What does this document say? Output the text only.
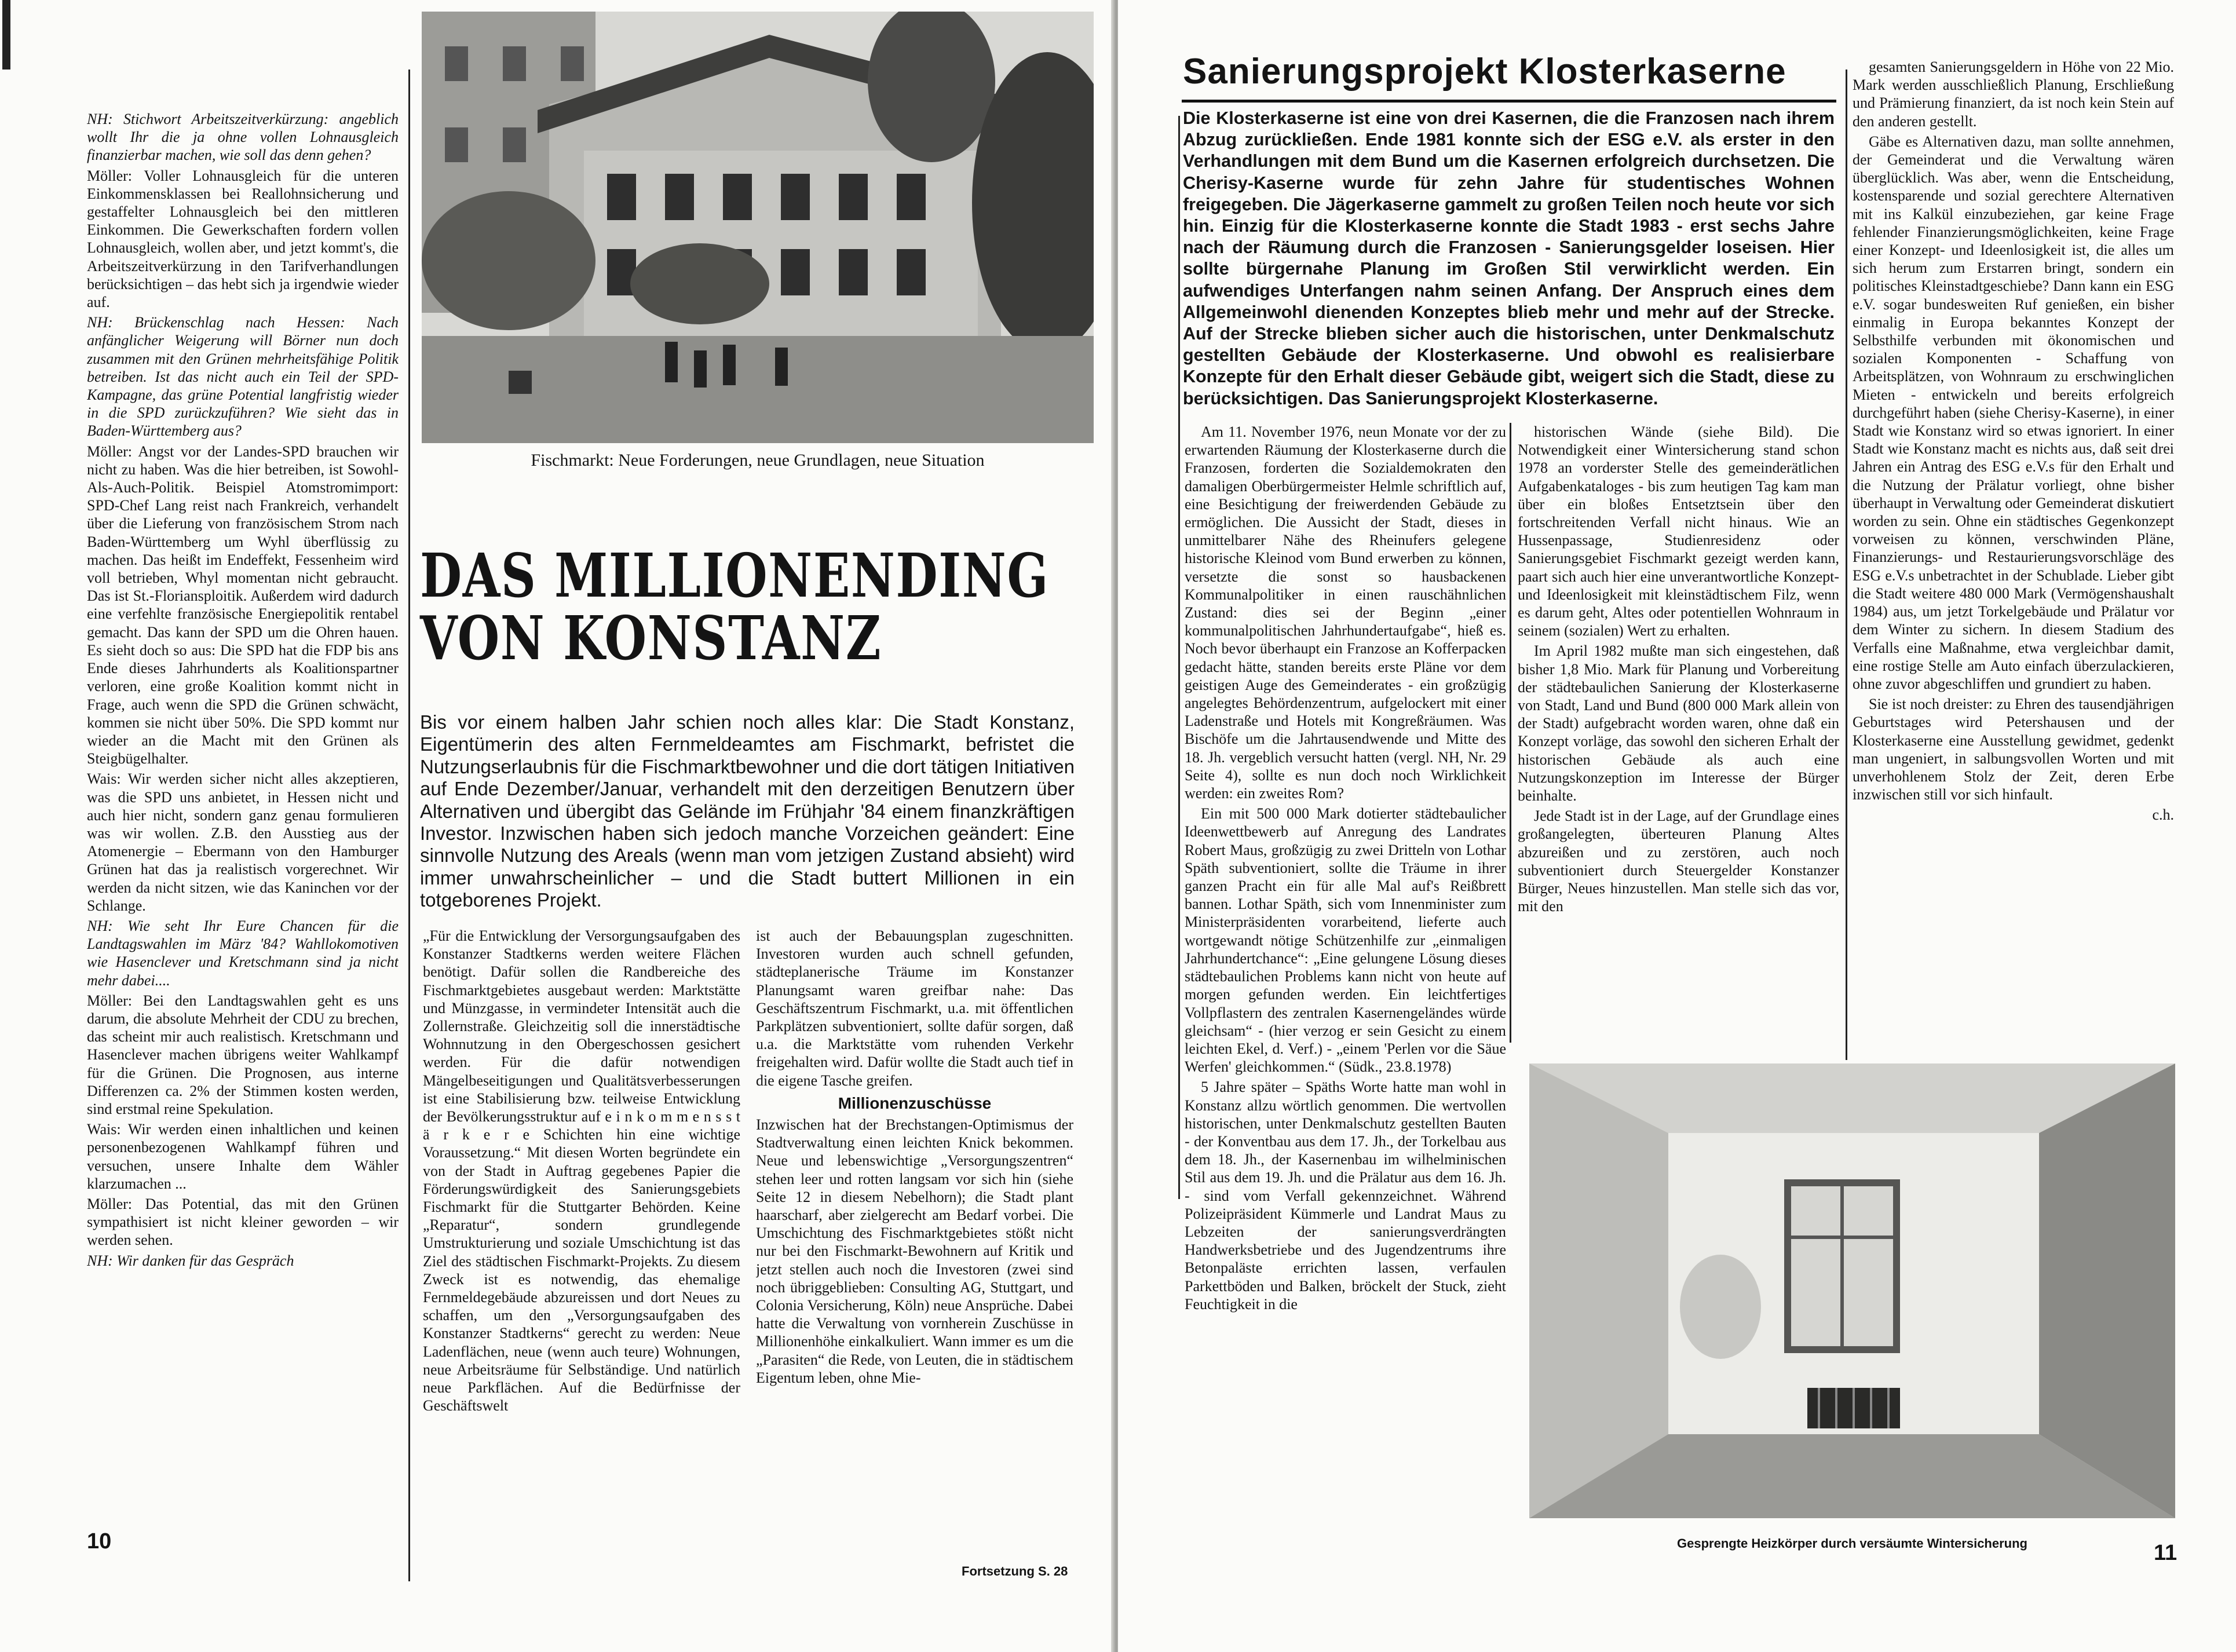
NH: Stichwort Arbeitszeitverkürzung: angeblich wollt Ihr die ja ohne vollen Lohnausgleich finanzierbar machen, wie soll das denn gehen?

Möller: Voller Lohnausgleich für die unteren Einkommensklassen bei Reallohnsicherung und gestaffelter Lohnausgleich bei den mittleren Einkommen. Die Gewerkschaften fordern vollen Lohnausgleich, wollen aber, und jetzt kommt's, die Arbeitszeitverkürzung in den Tarifverhandlungen berücksichtigen – das hebt sich ja irgendwie wieder auf.

NH: Brückenschlag nach Hessen: Nach anfänglicher Weigerung will Börner nun doch zusammen mit den Grünen mehrheitsfähige Politik betreiben. Ist das nicht auch ein Teil der SPD-Kampagne, das grüne Potential langfristig wieder in die SPD zurückzuführen? Wie sieht das in Baden-Württemberg aus?

Möller: Angst vor der Landes-SPD brauchen wir nicht zu haben. Was die hier betreiben, ist Sowohl-Als-Auch-Politik. Beispiel Atomstromimport: SPD-Chef Lang reist nach Frankreich, verhandelt über die Lieferung von französischem Strom nach Baden-Württemberg um Wyhl überflüssig zu machen. Das heißt im Endeffekt, Fessenheim wird voll betrieben, Whyl momentan nicht gebraucht. Das ist St.-Floriansploitik. Außerdem wird dadurch eine verfehlte französische Energiepolitik rentabel gemacht. Das kann der SPD um die Ohren hauen. Es sieht doch so aus: Die SPD hat die FDP bis ans Ende dieses Jahrhunderts als Koalitionspartner verloren, eine große Koalition kommt nicht in Frage, auch wenn die SPD die Grünen schwächt, kommen sie nicht über 50%. Die SPD kommt nur wieder an die Macht mit den Grünen als Steigbügelhalter.

Wais: Wir werden sicher nicht alles akzeptieren, was die SPD uns anbietet, in Hessen nicht und auch hier nicht, sondern ganz genau formulieren was wir wollen. Z.B. den Ausstieg aus der Atomenergie – Ebermann von den Hamburger Grünen hat das ja realistisch vorgerechnet. Wir werden da nicht sitzen, wie das Kaninchen vor der Schlange.

NH: Wie seht Ihr Eure Chancen für die Landtagswahlen im März '84? Wahllokomotiven wie Hasenclever und Kretschmann sind ja nicht mehr dabei....

Möller: Bei den Landtagswahlen geht es uns darum, die absolute Mehrheit der CDU zu brechen, das scheint mir auch realistisch. Kretschmann und Hasenclever machen übrigens weiter Wahlkampf für die Grünen. Die Prognosen, aus interne Differenzen ca. 2% der Stimmen kosten werden, sind erstmal reine Spekulation.

Wais: Wir werden einen inhaltlichen und keinen personenbezogenen Wahlkampf führen und versuchen, unsere Inhalte dem Wähler klarzumachen ...

Möller: Das Potential, das mit den Grünen sympathisiert ist nicht kleiner geworden – wir werden sehen.

NH: Wir danken für das Gespräch

Fischmarkt: Neue Forderungen, neue Grundlagen, neue Situation
DAS MILLIONENDING
VON KONSTANZ
Bis vor einem halben Jahr schien noch alles klar: Die Stadt Konstanz, Eigentümerin des alten Fernmeldeamtes am Fischmarkt, befristet die Nutzungserlaubnis für die Fischmarktbewohner und die dort tätigen Initiativen auf Ende Dezember/Januar, verhandelt mit den derzeitigen Benutzern über Alternativen und übergibt das Gelände im Frühjahr '84 einem finanzkräftigen Investor. Inzwischen haben sich jedoch manche Vorzeichen geändert: Eine sinnvolle Nutzung des Areals (wenn man vom jetzigen Zustand absieht) wird immer unwahrscheinlicher – und die Stadt buttert Millionen in ein totgeborenes Projekt.

„Für die Entwicklung der Versorgungsaufgaben des Konstanzer Stadtkerns werden weitere Flächen benötigt. Dafür sollen die Randbereiche des Fischmarktgebietes ausgebaut werden: Marktstätte und Münzgasse, in vermindeter Intensität auch die Zollernstraße. Gleichzeitig soll die innerstädtische Wohnnutzung in den Obergeschossen gesichert werden. Für die dafür notwendigen Mängelbeseitigungen und Qualitätsverbesserungen ist eine Stabilisierung bzw. teilweise Entwicklung der Bevölkerungsstruktur auf e i n k o m m e n s s t ä r k e r e Schichten hin eine wichtige Voraussetzung.“ Mit diesen Worten begründete ein von der Stadt in Auftrag gegebenes Papier die Förderungswürdigkeit des Sanierungsgebiets Fischmarkt für die Stuttgarter Behörden. Keine „Reparatur“, sondern grundlegende Umstrukturierung und soziale Umschichtung ist das Ziel des städtischen Fischmarkt-Projekts. Zu diesem Zweck ist es notwendig, das ehemalige Fernmeldegebäude abzureissen und dort Neues zu schaffen, um den „Versorgungsaufgaben des Konstanzer Stadtkerns“ gerecht zu werden: Neue Ladenflächen, neue (wenn auch teure) Wohnungen, neue Arbeitsräume für Selbständige. Und natürlich neue Parkflächen. Auf die Bedürfnisse der Geschäftswelt

ist auch der Bebauungsplan zugeschnitten. Investoren wurden auch schnell gefunden, städteplanerische Träume im Konstanzer Planungsamt waren greifbar nahe: Das Geschäftszentrum Fischmarkt, u.a. mit öffentlichen Parkplätzen subventioniert, sollte dafür sorgen, daß u.a. die Marktstätte vom ruhenden Verkehr freigehalten wird. Dafür wollte die Stadt auch tief in die eigene Tasche greifen.

Millionenzuschüsse

Inzwischen hat der Brechstangen-Optimismus der Stadtverwaltung einen leichten Knick bekommen. Neue und lebenswichtige „Versorgungszentren“ stehen leer und rotten langsam vor sich hin (siehe Seite 12 in diesem Nebelhorn); die Stadt plant haarscharf, aber zielgerecht am Bedarf vorbei. Die Umschichtung des Fischmarktgebietes stößt nicht nur bei den Fischmarkt-Bewohnern auf Kritik und jetzt stellen auch noch die Investoren (zwei sind noch übriggeblieben: Consulting AG, Stuttgart, und Colonia Versicherung, Köln) neue Ansprüche. Dabei hatte die Verwaltung von vornherein Zuschüsse in Millionenhöhe einkalkuliert. Wann immer es um die „Parasiten“ die Rede, von Leuten, die in städtischem Eigentum leben, ohne Mie-

Fortsetzung S. 28
10
Sanierungsprojekt Klosterkaserne
Die Klosterkaserne ist eine von drei Kasernen, die die Franzosen nach ihrem Abzug zurückließen. Ende 1981 konnte sich der ESG e.V. als erster in den Verhandlungen mit dem Bund um die Kasernen erfolgreich durchsetzen. Die Cherisy-Kaserne wurde für zehn Jahre für studentisches Wohnen freigegeben. Die Jägerkaserne gammelt zu großen Teilen noch heute vor sich hin. Einzig für die Klosterkaserne konnte die Stadt 1983 - erst sechs Jahre nach der Räumung durch die Franzosen - Sanierungsgelder loseisen. Hier sollte bürgernahe Planung im Großen Stil verwirklicht werden. Ein aufwendiges Unterfangen nahm seinen Anfang. Der Anspruch eines dem Allgemeinwohl dienenden Konzeptes blieb mehr und mehr auf der Strecke. Auf der Strecke blieben sicher auch die historischen, unter Denkmalschutz gestellten Gebäude der Klosterkaserne. Und obwohl es realisierbare Konzepte für den Erhalt dieser Gebäude gibt, weigert sich die Stadt, diese zu berücksichtigen. Das Sanierungsprojekt Klosterkaserne.

Am 11. November 1976, neun Monate vor der zu erwartenden Räumung der Klosterkaserne durch die Franzosen, forderten die Sozialdemokraten den damaligen Oberbürgermeister Helmle schriftlich auf, eine Besichtigung der freiwerdenden Gebäude zu ermöglichen. Die Aussicht der Stadt, dieses in unmittelbarer Nähe des Rheinufers gelegene historische Kleinod vom Bund erwerben zu können, versetzte die sonst so hausbackenen Kommunalpolitiker in einen rauschähnlichen Zustand: dies sei der Beginn „einer kommunalpolitischen Jahrhundertaufgabe“, hieß es. Noch bevor überhaupt ein Franzose an Kofferpacken gedacht hätte, standen bereits erste Pläne vor dem geistigen Auge des Gemeinderates - ein großzügig angelegtes Behördenzentrum, aufgelockert mit einer Ladenstraße und Hotels mit Kongreßräumen. Was Bischöfe um die Jahrtausendwende und Mitte des 18. Jh. vergeblich versucht hatten (vergl. NH, Nr. 29 Seite 4), sollte es nun doch noch Wirklichkeit werden: ein zweites Rom?

Ein mit 500 000 Mark dotierter städtebaulicher Ideenwettbewerb auf Anregung des Landrates Robert Maus, großzügig zu zwei Dritteln von Lothar Späth subventioniert, sollte die Träume in ihrer ganzen Pracht ein für alle Mal auf's Reißbrett bannen. Lothar Späth, sich vom Innenminister zum Ministerpräsidenten vorarbeitend, lieferte auch wortgewandt nötige Schützenhilfe zur „einmaligen Jahrhundertchance“: „Eine gelungene Lösung dieses städtebaulichen Problems kann nicht von heute auf morgen gefunden werden. Ein leichtfertiges Vollpflastern des zentralen Kasernengeländes würde gleichsam“ - (hier verzog er sein Gesicht zu einem leichten Ekel, d. Verf.) - „einem 'Perlen vor die Säue Werfen' gleichkommen.“ (Südk., 23.8.1978)

5 Jahre später – Späths Worte hatte man wohl in Konstanz allzu wörtlich genommen. Die wertvollen historischen, unter Denkmalschutz gestellten Bauten - der Konventbau aus dem 17. Jh., der Torkelbau aus dem 18. Jh., der Kasernenbau im wilhelminischen Stil aus dem 19. Jh. und die Prälatur aus dem 16. Jh. - sind vom Verfall gekennzeichnet. Während Polizeipräsident Kümmerle und Landrat Maus zu Lebzeiten der sanierungsverdrängten Handwerksbetriebe und des Jugendzentrums ihre Betonpaläste errichten lassen, verfaulen Parkettböden und Balken, bröckelt der Stuck, zieht Feuchtigkeit in die

historischen Wände (siehe Bild). Die Notwendigkeit einer Wintersicherung stand schon 1978 an vorderster Stelle des gemeinderätlichen Aufgabenkataloges - bis zum heutigen Tag kam man über ein bloßes Entsetztsein über den fortschreitenden Verfall nicht hinaus. Wie an Hussenpassage, Studienresidenz oder Sanierungsgebiet Fischmarkt gezeigt werden kann, paart sich auch hier eine unverantwortliche Konzept- und Ideenlosigkeit mit kleinstädtischem Filz, wenn es darum geht, Altes oder potentiellen Wohnraum in seinem (sozialen) Wert zu erhalten.

Im April 1982 mußte man sich eingestehen, daß bisher 1,8 Mio. Mark für Planung und Vorbereitung der städtebaulichen Sanierung der Klosterkaserne von Stadt, Land und Bund (800 000 Mark allein von der Stadt) aufgebracht worden waren, ohne daß ein Konzept vorläge, das sowohl den sicheren Erhalt der historischen Gebäude als auch eine Nutzungskonzeption im Interesse der Bürger beinhalte.

Jede Stadt ist in der Lage, auf der Grundlage eines großangelegten, überteuren Planung Altes abzureißen und zu zerstören, auch noch subventioniert durch Steuergelder Konstanzer Bürger, Neues hinzustellen. Man stelle sich das vor, mit den

gesamten Sanierungsgeldern in Höhe von 22 Mio. Mark werden ausschließlich Planung, Erschließung und Prämierung finanziert, da ist noch kein Stein auf den anderen gestellt.

Gäbe es Alternativen dazu, man sollte annehmen, der Gemeinderat und die Verwaltung wären überglücklich. Was aber, wenn die Entscheidung, kostensparende und sozial gerechtere Alternativen mit ins Kalkül einzubeziehen, gar keine Frage fehlender Finanzierungsmöglichkeiten, keine Frage einer Konzept- und Ideenlosigkeit ist, die alles um sich herum zum Erstarren bringt, sondern ein politisches Kleinstadtgeschiebe? Dann kann ein ESG e.V. sogar bundesweiten Ruf genießen, ein bisher einmalig in Europa bekanntes Konzept der Selbsthilfe verbunden mit ökonomischen und sozialen Komponenten - Schaffung von Arbeitsplätzen, von Wohnraum zu erschwinglichen Mieten - entwickeln und bereits erfolgreich durchgeführt haben (siehe Cherisy-Kaserne), in einer Stadt wie Konstanz wird so etwas ignoriert. In einer Stadt wie Konstanz macht es nichts aus, daß seit drei Jahren ein Antrag des ESG e.V.s für den Erhalt und die Nutzung der Prälatur vorliegt, ohne bisher überhaupt in Verwaltung oder Gemeinderat diskutiert worden zu sein. Ohne ein städtisches Gegenkonzept vorweisen zu können, verschwinden Pläne, Finanzierungs- und Restaurierungsvorschläge des ESG e.V.s unbetrachtet in der Schublade. Lieber gibt die Stadt weitere 480 000 Mark (Vermögenshaushalt 1984) aus, um jetzt Torkelgebäude und Prälatur vor dem Winter zu sichern. In diesem Stadium des Verfalls eine Maßnahme, etwa vergleichbar damit, eine rostige Stelle am Auto einfach überzulackieren, ohne zuvor abgeschliffen und grundiert zu haben.

Sie ist noch dreister: zu Ehren des tausendjährigen Geburtstages wird Petershausen und der Klosterkaserne eine Ausstellung gewidmet, gedenkt man ungeniert, in salbungsvollen Worten und mit unverhohlenem Stolz der Zeit, deren Erbe inzwischen still vor sich hinfault.

c.h.

Gesprengte Heizkörper durch versäumte Wintersicherung	11
